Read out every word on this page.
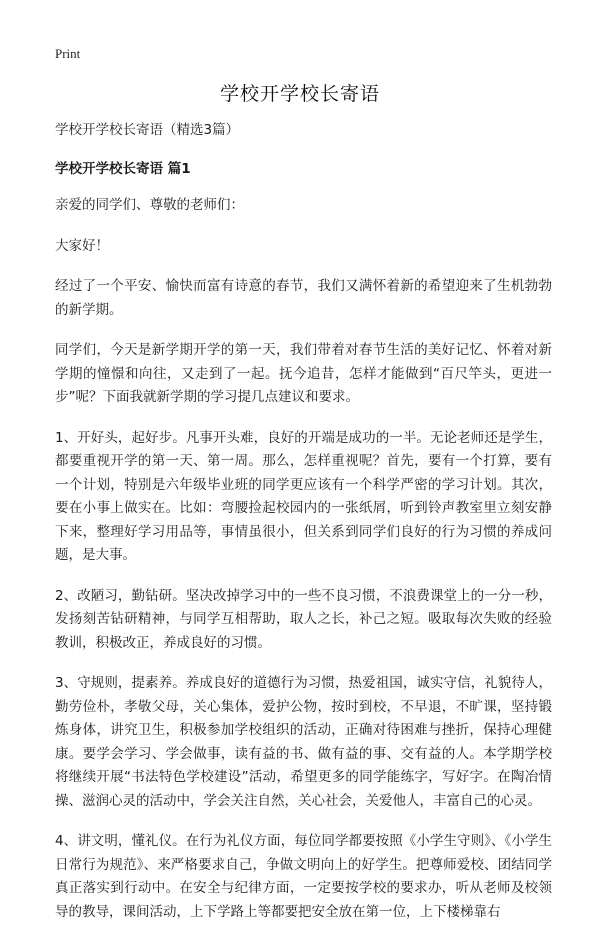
Print
学校开学校长寄语
学校开学校长寄语（精选3篇）
学校开学校长寄语 篇1

亲爱的同学们、尊敬的老师们：

大家好！

经过了一个平安、愉快而富有诗意的春节，我们又满怀着新的希望迎来了生机勃勃的新学期。

同学们，今天是新学期开学的第一天，我们带着对春节生活的美好记忆、怀着对新学期的憧憬和向往，又走到了一起。抚今追昔，怎样才能做到“百尺竿头，更进一步”呢？下面我就新学期的学习提几点建议和要求。

1、开好头，起好步。凡事开头难，良好的开端是成功的一半。无论老师还是学生，都要重视开学的第一天、第一周。那么，怎样重视呢？首先，要有一个打算，要有一个计划，特别是六年级毕业班的同学更应该有一个科学严密的学习计划。其次，要在小事上做实在。比如：弯腰捡起校园内的一张纸屑，听到铃声教室里立刻安静下来，整理好学习用品等，事情虽很小，但关系到同学们良好的行为习惯的养成问题，是大事。

2、改陋习，勤钻研。坚决改掉学习中的一些不良习惯，不浪费课堂上的一分一秒，发扬刻苦钻研精神，与同学互相帮助，取人之长，补己之短。吸取每次失败的经验教训，积极改正，养成良好的习惯。

3、守规则，提素养。养成良好的道德行为习惯，热爱祖国，诚实守信，礼貌待人，勤劳俭朴，孝敬父母，关心集体，爱护公物，按时到校，不早退，不旷课，坚持锻炼身体，讲究卫生，积极参加学校组织的活动，正确对待困难与挫折，保持心理健康。要学会学习、学会做事，读有益的书、做有益的事、交有益的人。本学期学校将继续开展“书法特色学校建设”活动，希望更多的同学能练字，写好字。在陶冶情操、滋润心灵的活动中，学会关注自然，关心社会，关爱他人，丰富自己的心灵。

4、讲文明，懂礼仪。在行为礼仪方面，每位同学都要按照《小学生守则》、《小学生日常行为规范》、来严格要求自己，争做文明向上的好学生。把尊师爱校、团结同学真正落实到行动中。在安全与纪律方面，一定要按学校的要求办，听从老师及校领导的教导，课间活动，上下学路上等都要把安全放在第一位，上下楼梯靠右
